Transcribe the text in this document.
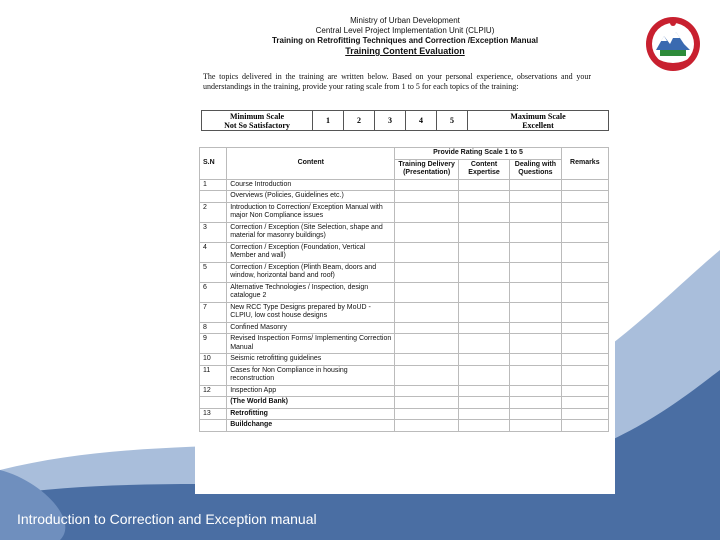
Ministry of Urban Development
Central Level Project Implementation Unit (CLPIU)
Training on Retrofitting Techniques and Correction /Exception Manual
Training Content Evaluation
The topics delivered in the training are written below. Based on your personal experience, observations and your understandings in the training, provide your rating scale from 1 to 5 for each topics of the training:
Minimum Scale
Not So Satisfactory	1	2	3	4	5	Maximum Scale
Excellent
S.N	Content	Provide Rating Scale 1 to 5			Remarks
		Training Delivery (Presentation)	Content Expertise	Dealing with Questions	
1	Course Introduction				
	Overviews (Policies, Guidelines etc.)				
2	Introduction to Correction/ Exception Manual with major Non Compliance issues				
3	Correction / Exception (Site Selection, shape and material for masonry buildings)				
4	Correction / Exception (Foundation, Vertical Member and wall)				
5	Correction / Exception (Plinth Beam, doors and window, horizontal band and roof)				
6	Alternative Technologies / Inspection, design catalogue 2				
7	New RCC Type Designs prepared by MoUD - CLPIU, low cost house designs				
8	Confined Masonry				
9	Revised Inspection Forms/ Implementing Correction Manual				
10	Seismic retrofitting guidelines				
11	Cases for Non Compliance in housing reconstruction				
12	Inspection App				
	(The World Bank)				
13	Retrofitting				
	Buildchange				
Introduction to Correction and Exception manual
